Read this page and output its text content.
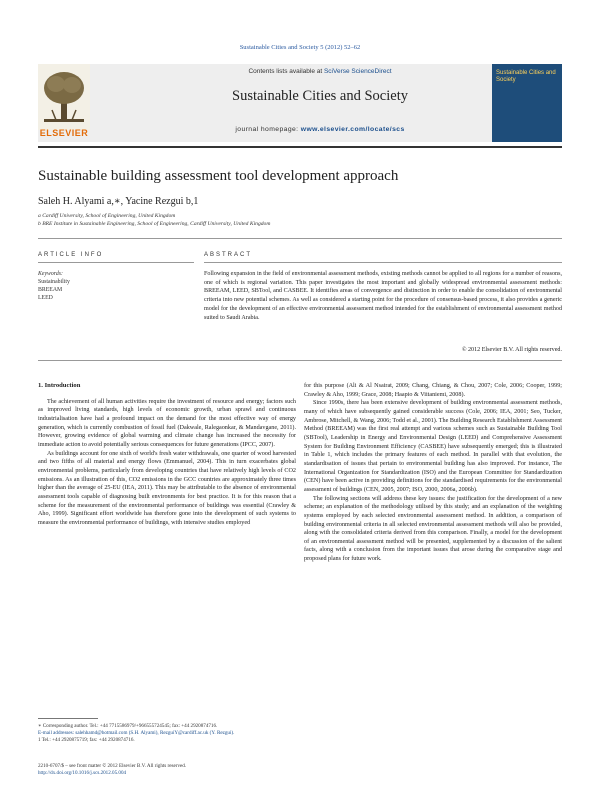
Sustainable Cities and Society 5 (2012) 52–62
ELSEVIER
Contents lists available at SciVerse ScienceDirect
Sustainable Cities and Society
journal homepage: www.elsevier.com/locate/scs
Sustainable Cities and Society
Sustainable building assessment tool development approach
Saleh H. Alyami a,∗, Yacine Rezgui b,1
a Cardiff University, School of Engineering, United Kingdom
b BRE Institute in Sustainable Engineering, School of Engineering, Cardiff University, United Kingdom
ARTICLE INFO	ABSTRACT
Keywords:
Sustainability
BREEAM
LEED
Following expansion in the field of environmental assessment methods, existing methods cannot be applied to all regions for a number of reasons, one of which is regional variation. This paper investigates the most important and globally widespread environmental assessment methods: BREEAM, LEED, SBTool, and CASBEE. It identifies areas of convergence and distinction in order to enable the consolidation of environmental criteria into new potential schemes. As well as considered a starting point for the procedure of consensus-based process, it also provides a generic model for the development of an effective environmental assessment method intended for the establishment of environmental assessment method suited to Saudi Arabia.
© 2012 Elsevier B.V. All rights reserved.
1. Introduction

The achievement of all human activities require the investment of resource and energy; factors such as improved living standards, high levels of economic growth, urban sprawl and continuous industrialisation have had a profound impact on the demand for the most effective way of energy generation, which is currently combustion of fossil fuel (Dakwale, Ralegaonkar, & Mandavgane, 2011). However, growing evidence of global warming and climate change has increased the necessity for immediate action to avoid potentially serious consequences for future generations (IPCC, 2007).

As buildings account for one sixth of world's fresh water withdrawals, one quarter of wood harvested and two fifths of all material and energy flows (Emmanuel, 2004). This in turn exacerbates global environmental problems, particularly from developing countries that have relatively high levels of CO2 emissions. As an illustration of this, CO2 emissions in the GCC countries are approximately three times higher than the average of 25-EU (IEA, 2011). This may be attributable to the absence of environmental assessment tools capable of diagnosing built environments for best practice. It is for this reason that a scheme for the measurement of the environmental performance of buildings was essential (Crawley & Aho, 1999). Significant effort worldwide has therefore gone into the development of such systems to measure the environmental performance of buildings, with intensive studies employed

for this purpose (Ali & Al Nsairat, 2009; Chang, Chiang, & Chou, 2007; Cole, 2006; Cooper, 1999; Crawley & Aho, 1999; Grace, 2008; Haapio & Viitaniemi, 2008).

Since 1990s, there has been extensive development of building environmental assessment methods, many of which have subsequently gained considerable success (Cole, 2006; IEA, 2001; Seo, Tucker, Ambrose, Mitchell, & Wang, 2006; Todd et al., 2001). The Building Research Establishment Assessment Method (BREEAM) was the first real attempt and various schemes such as Sustainable Building Tool (SBTool), Leadership in Energy and Environmental Design (LEED) and Comprehensive Assessment System for Building Environment Efficiency (CASBEE) have subsequently emerged; this is illustrated in Table 1, which includes the primary features of each method. In parallel with that evolution, the standardisation of issues that pertain to environmental building has also improved. For instance, The International Organization for Standardization (ISO) and the European Committee for Standardization (CEN) have been active in providing definitions for the standardised requirements for the environmental assessment of buildings (CEN, 2005, 2007; ISO, 2000, 2006a, 2006b).

The following sections will address these key issues: the justification for the development of a new scheme; an explanation of the methodology utilised by this study; and an explanation of the weighting systems employed by each selected environmental assessment method. In addition, a comparison of building environmental criteria in all selected environmental assessment methods will also be provided, along with the consolidated criteria derived from this comparison. Finally, a model for the development of an environmental assessment method will be presented, supplemented by a discussion of the salient facts, along with a conclusion from the important issues that arose during the comparative stage and proposed plans for future work.

∗ Corresponding author. Tel.: +44 7715586979/+966555724545; fax: +44 2920874716.
E-mail addresses: salehhamd@hotmail.com (S.H. Alyami), RezguiY@cardiff.ac.uk (Y. Rezgui).
1 Tel.: +44 2920875719; fax: +44 2920874716.
2210-6707/$ – see front matter © 2012 Elsevier B.V. All rights reserved.
http://dx.doi.org/10.1016/j.scs.2012.05.004
